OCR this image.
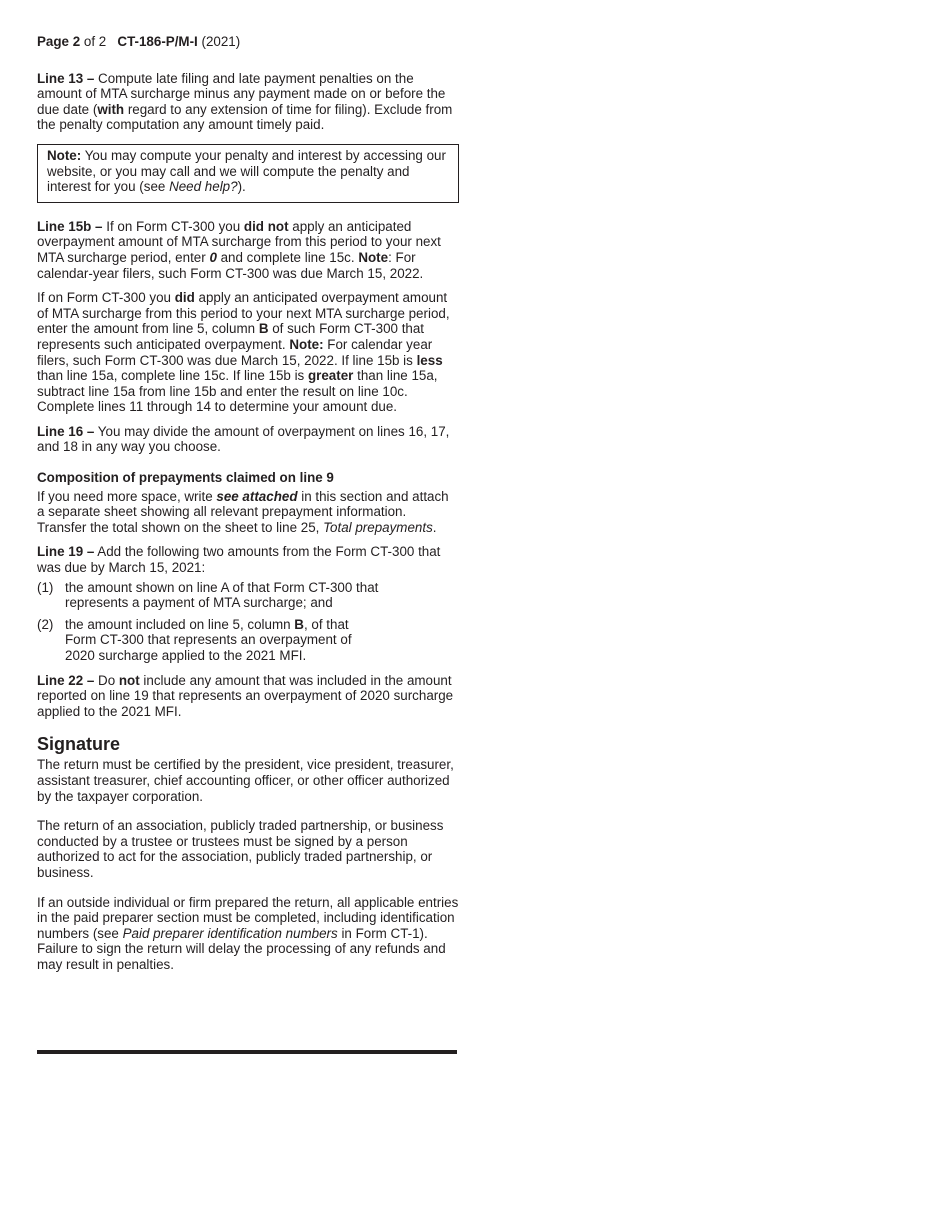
Page 2 of 2   CT-186-P/M-I (2021)

Line 13 – Compute late filing and late payment penalties on the amount of MTA surcharge minus any payment made on or before the due date (with regard to any extension of time for filing). Exclude from the penalty computation any amount timely paid.

Note: You may compute your penalty and interest by accessing our website, or you may call and we will compute the penalty and interest for you (see Need help?).

Line 15b – If on Form CT-300 you did not apply an anticipated overpayment amount of MTA surcharge from this period to your next MTA surcharge period, enter 0 and complete line 15c. Note: For calendar-year filers, such Form CT-300 was due March 15, 2022.

If on Form CT-300 you did apply an anticipated overpayment amount of MTA surcharge from this period to your next MTA surcharge period, enter the amount from line 5, column B of such Form CT-300 that represents such anticipated overpayment. Note: For calendar year filers, such Form CT-300 was due March 15, 2022. If line 15b is less than line 15a, complete line 15c. If line 15b is greater than line 15a, subtract line 15a from line 15b and enter the result on line 10c. Complete lines 11 through 14 to determine your amount due.

Line 16 – You may divide the amount of overpayment on lines 16, 17, and 18 in any way you choose.

Composition of prepayments claimed on line 9

If you need more space, write see attached in this section and attach a separate sheet showing all relevant prepayment information. Transfer the total shown on the sheet to line 25, Total prepayments.

Line 19 – Add the following two amounts from the Form CT-300 that was due by March 15, 2021:

(1) the amount shown on line A of that Form CT-300 that represents a payment of MTA surcharge; and
(2) the amount included on line 5, column B, of that Form CT-300 that represents an overpayment of 2020 surcharge applied to the 2021 MFI.

Line 22 – Do not include any amount that was included in the amount reported on line 19 that represents an overpayment of 2020 surcharge applied to the 2021 MFI.

Signature

The return must be certified by the president, vice president, treasurer, assistant treasurer, chief accounting officer, or other officer authorized by the taxpayer corporation.

The return of an association, publicly traded partnership, or business conducted by a trustee or trustees must be signed by a person authorized to act for the association, publicly traded partnership, or business.

If an outside individual or firm prepared the return, all applicable entries in the paid preparer section must be completed, including identification numbers (see Paid preparer identification numbers in Form CT-1). Failure to sign the return will delay the processing of any refunds and may result in penalties.
